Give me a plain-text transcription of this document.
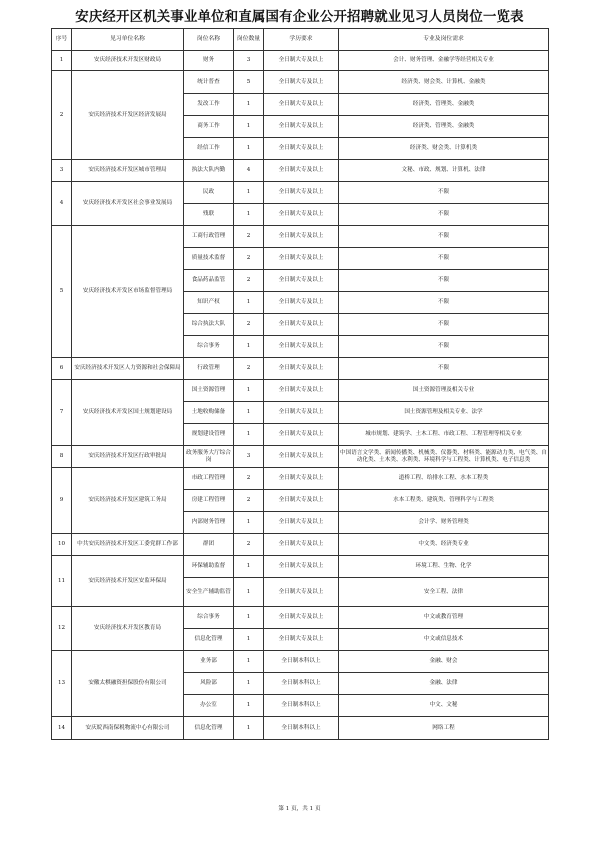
安庆经开区机关事业单位和直属国有企业公开招聘就业见习人员岗位一览表
序号	见习单位名称	岗位名称	岗位数量	学历要求	专业及岗位需求
1	安庆经济技术开发区财政局	财务	3	全日制大专及以上	会计、财务管理、金融学等经营相关专业
2	安庆经济技术开发区经济发展局	统计普查	5	全日制大专及以上	经济类、财会类、计算机、金融类
		发改工作	1	全日制大专及以上	经济类、管理类、金融类
		商务工作	1	全日制大专及以上	经济类、管理类、金融类
		经信工作	1	全日制大专及以上	经济类、财会类、计算机类
3	安庆经济技术开发区城市管理局	执法大队内勤	4	全日制大专及以上	文秘、市政、规划、计算机、法律
4	安庆经济技术开发区社会事业发展局	民政	1	全日制大专及以上	不限
		残联	1	全日制大专及以上	不限
5	安庆经济技术开发区市场监督管理局	工商行政管理	2	全日制大专及以上	不限
		质量技术监督	2	全日制大专及以上	不限
		食品药品监管	2	全日制大专及以上	不限
		知识产权	1	全日制大专及以上	不限
		综合执法大队	2	全日制大专及以上	不限
		综合事务	1	全日制大专及以上	不限
6	安庆经济技术开发区人力资源和社会保障局	行政管理	2	全日制大专及以上	不限
7	安庆经济技术开发区国土规划建设局	国土资源管理	1	全日制大专及以上	国土资源管理及相关专业
		土地收购储备	1	全日制大专及以上	国土资源管理及相关专业、法学
		规划建设管理	1	全日制大专及以上	城市规划、建筑学、土木工程、市政工程、工程管理等相关专业
8	安庆经济技术开发区行政审批局	政务服务大厅综合岗	3	全日制大专及以上	中国语言文学类、新闻传播类、机械类、仪器类、材料类、能源动力类、电气类、自动化类、土木类、水利类、环境科学与工程类、计算机类、电子信息类
9	安庆经济技术开发区建筑工务局	市政工程管理	2	全日制大专及以上	道桥工程、给排水工程、水本工程类
		房建工程管理	2	全日制大专及以上	水本工程类、建筑类、管理科学与工程类
		内部财务管理	1	全日制大专及以上	会计学、财务管理类
10	中共安庆经济技术开发区工委党群工作部	群团	2	全日制大专及以上	中文类、经济类专业
11	安庆经济技术开发区安监环保局	环保辅助监督	1	全日制大专及以上	环境工程、生物、化学
		安全生产辅助监管	1	全日制大专及以上	安全工程、法律
12	安庆经济技术开发区教育局	综合事务	1	全日制大专及以上	中文或教育管理
		信息化管理	1	全日制大专及以上	中文或信息技术
13	安徽太棋融资担保股份有限公司	业务部	1	全日制本科以上	金融、财会
		风险部	1	全日制本科以上	金融、法律
		办公室	1	全日制本科以上	中文、文秘
14	安庆皖西南保税物流中心有限公司	信息化管理	1	全日制本科以上	网络工程
第 1 页，共 1 页
